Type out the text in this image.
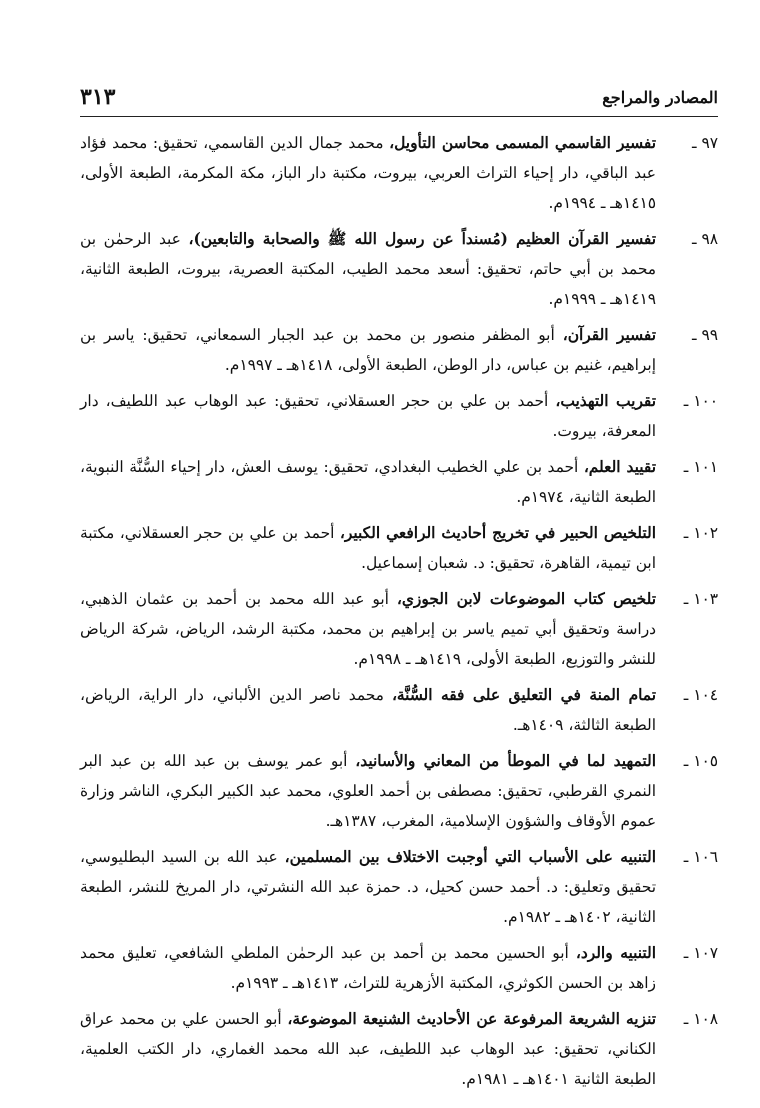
المصادر والمراجع
٣١٣
٩٧ ـ
تفسير القاسمي المسمى محاسن التأويل، محمد جمال الدين القاسمي، تحقيق: محمد فؤاد عبد الباقي، دار إحياء التراث العربي، بيروت، مكتبة دار الباز، مكة المكرمة، الطبعة الأولى، ١٤١٥هـ ـ ١٩٩٤م.
٩٨ ـ
تفسير القرآن العظيم (مُسنداً عن رسول الله ﷺ والصحابة والتابعين)، عبد الرحمٰن بن محمد بن أبي حاتم، تحقيق: أسعد محمد الطيب، المكتبة العصرية، بيروت، الطبعة الثانية، ١٤١٩هـ ـ ١٩٩٩م.
٩٩ ـ
تفسير القرآن، أبو المظفر منصور بن محمد بن عبد الجبار السمعاني، تحقيق: ياسر بن إبراهيم، غنيم بن عباس، دار الوطن، الطبعة الأولى، ١٤١٨هـ ـ ١٩٩٧م.
١٠٠ ـ
تقريب التهذيب، أحمد بن علي بن حجر العسقلاني، تحقيق: عبد الوهاب عبد اللطيف، دار المعرفة، بيروت.
١٠١ ـ
تقييد العلم، أحمد بن علي الخطيب البغدادي، تحقيق: يوسف العش، دار إحياء السُّنَّة النبوية، الطبعة الثانية، ١٩٧٤م.
١٠٢ ـ
التلخيص الحبير في تخريج أحاديث الرافعي الكبير، أحمد بن علي بن حجر العسقلاني، مكتبة ابن تيمية، القاهرة، تحقيق: د. شعبان إسماعيل.
١٠٣ ـ
تلخيص كتاب الموضوعات لابن الجوزي، أبو عبد الله محمد بن أحمد بن عثمان الذهبي، دراسة وتحقيق أبي تميم ياسر بن إبراهيم بن محمد، مكتبة الرشد، الرياض، شركة الرياض للنشر والتوزيع، الطبعة الأولى، ١٤١٩هـ ـ ١٩٩٨م.
١٠٤ ـ
تمام المنة في التعليق على فقه السُّنَّة، محمد ناصر الدين الألباني، دار الراية، الرياض، الطبعة الثالثة، ١٤٠٩هـ.
١٠٥ ـ
التمهيد لما في الموطأ من المعاني والأسانيد، أبو عمر يوسف بن عبد الله بن عبد البر النمري القرطبي، تحقيق: مصطفى بن أحمد العلوي، محمد عبد الكبير البكري، الناشر وزارة عموم الأوقاف والشؤون الإسلامية، المغرب، ١٣٨٧هـ.
١٠٦ ـ
التنبيه على الأسباب التي أوجبت الاختلاف بين المسلمين، عبد الله بن السيد البطليوسي، تحقيق وتعليق: د. أحمد حسن كحيل، د. حمزة عبد الله النشرتي، دار المريخ للنشر، الطبعة الثانية، ١٤٠٢هـ ـ ١٩٨٢م.
١٠٧ ـ
التنبيه والرد، أبو الحسين محمد بن أحمد بن عبد الرحمٰن الملطي الشافعي، تعليق محمد زاهد بن الحسن الكوثري، المكتبة الأزهرية للتراث، ١٤١٣هـ ـ ١٩٩٣م.
١٠٨ ـ
تنزيه الشريعة المرفوعة عن الأحاديث الشنيعة الموضوعة، أبو الحسن علي بن محمد عراق الكناني، تحقيق: عبد الوهاب عبد اللطيف، عبد الله محمد الغماري، دار الكتب العلمية، الطبعة الثانية ١٤٠١هـ ـ ١٩٨١م.
